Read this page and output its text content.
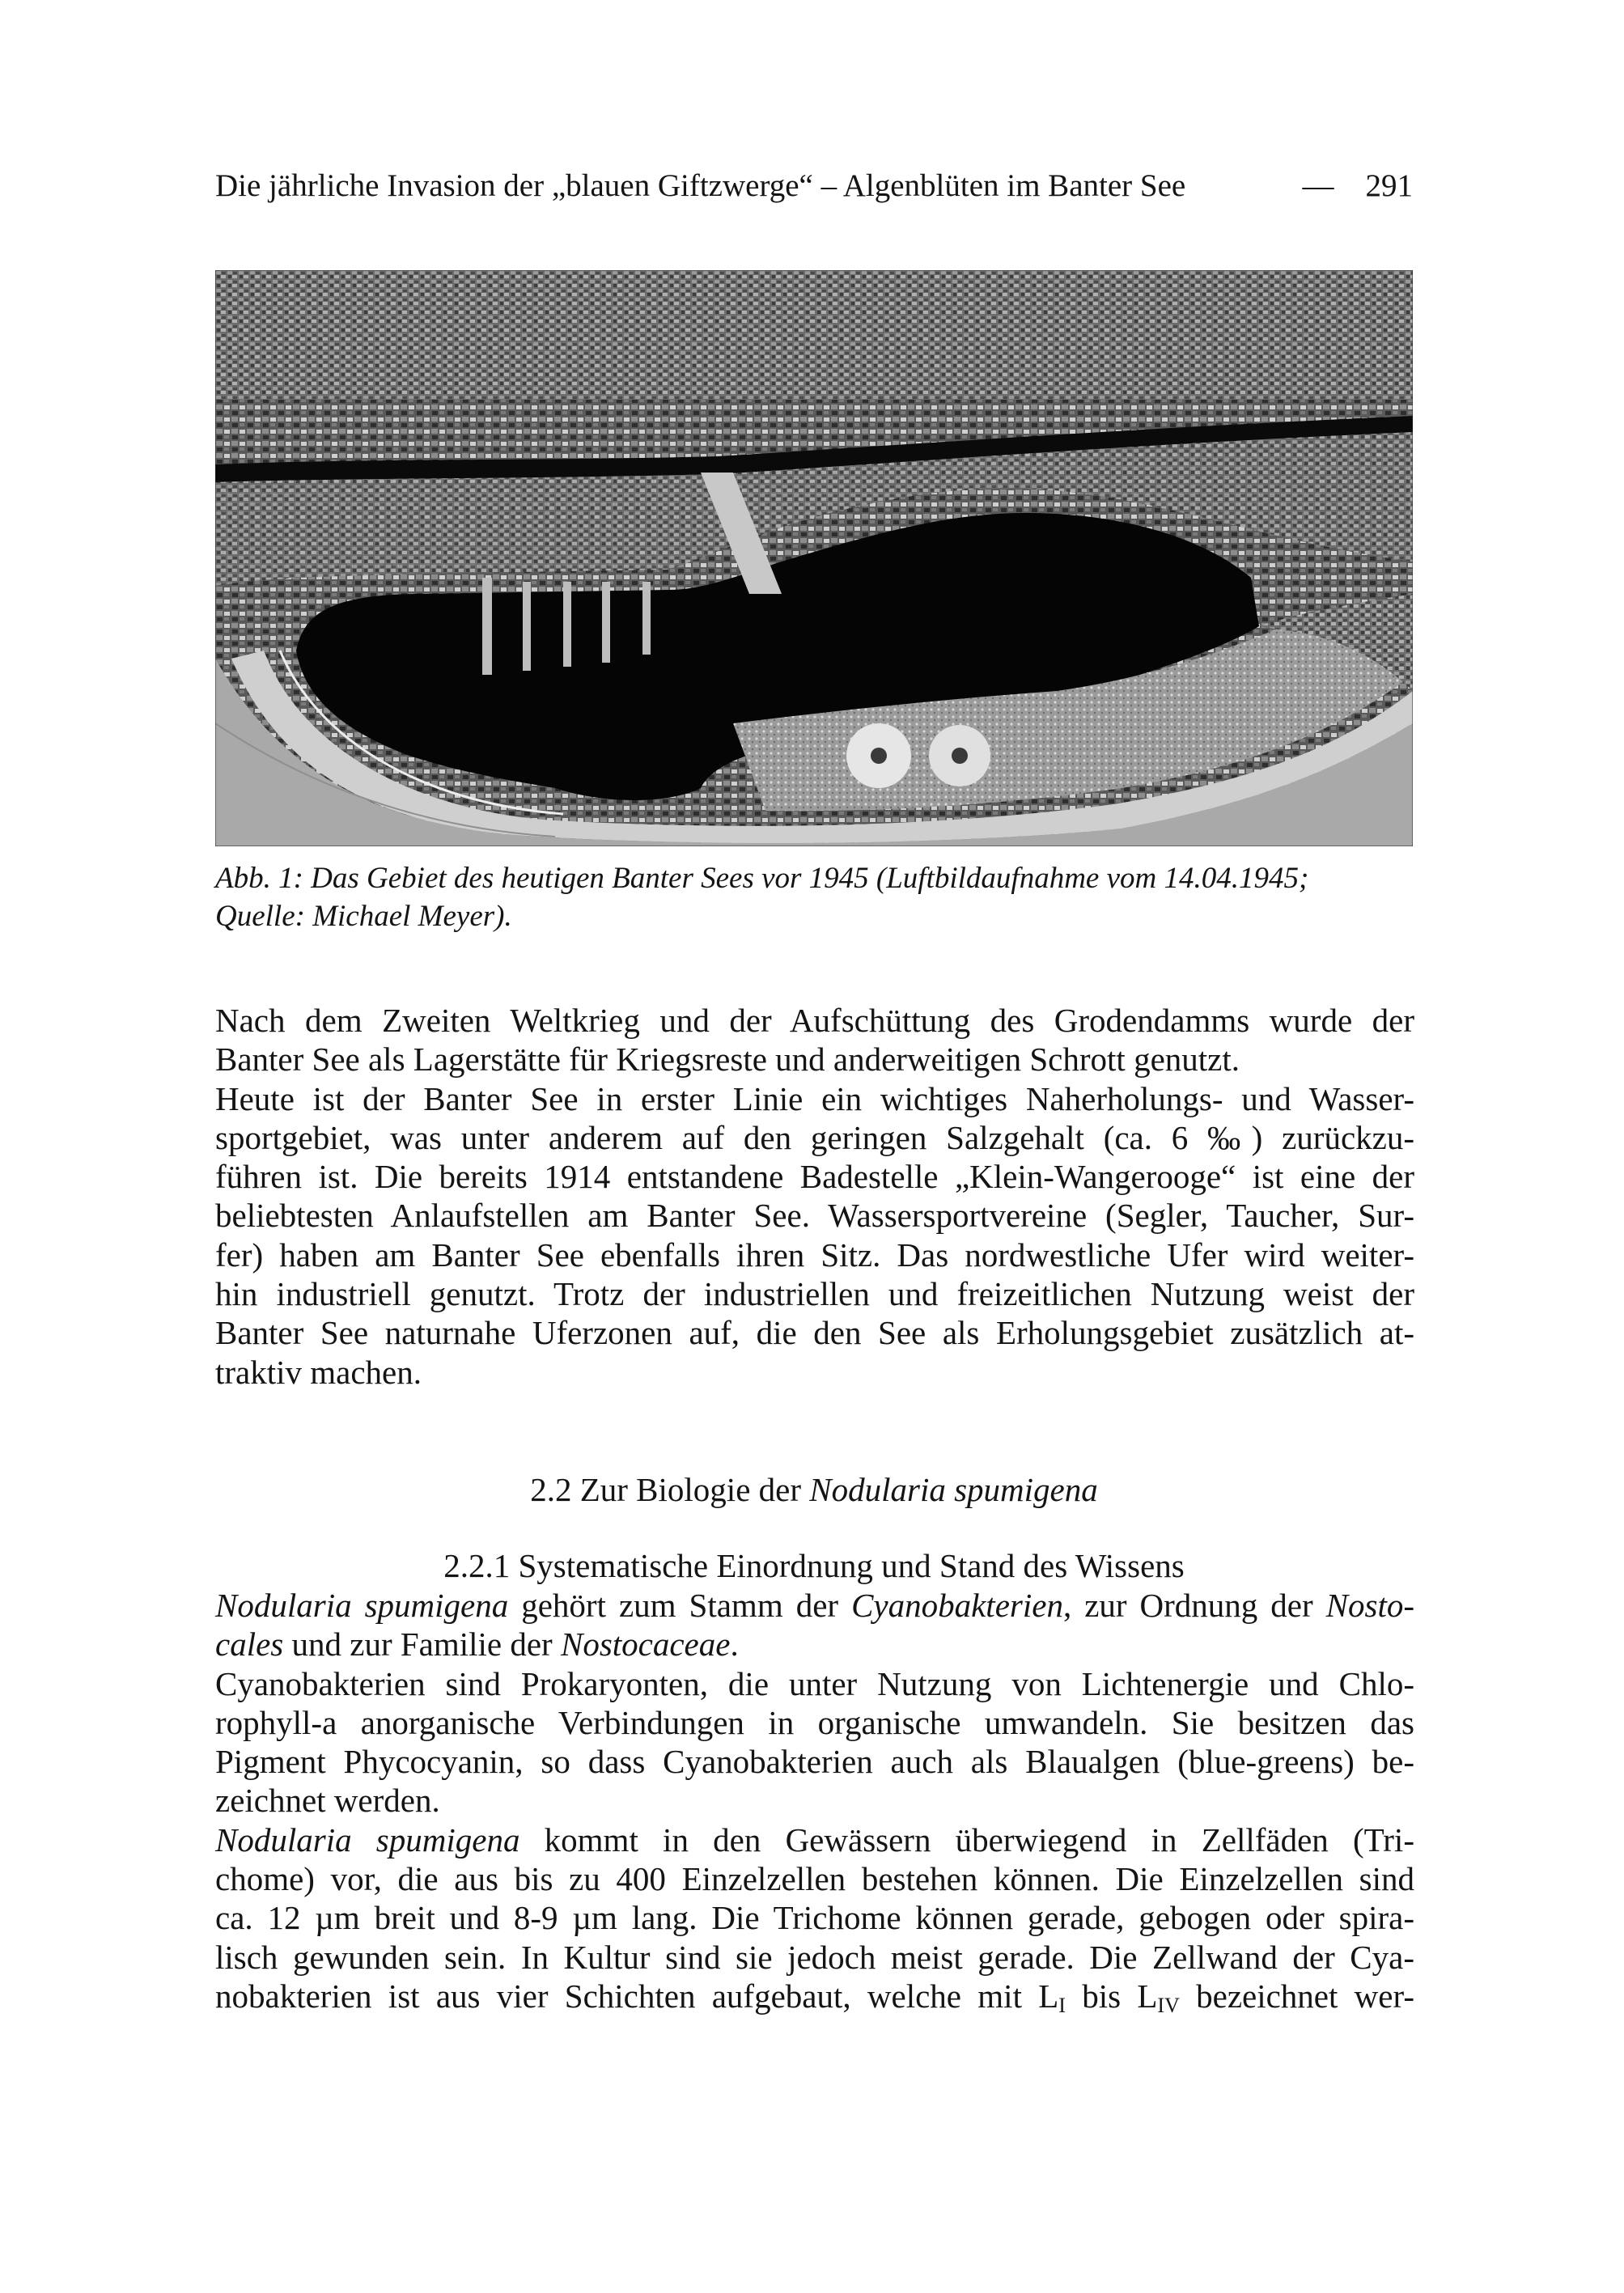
Die jährliche Invasion der „blauen Giftzwerge“ – Algenblüten im Banter See	— 291
Abb. 1: Das Gebiet des heutigen Banter Sees vor 1945 (Luftbildaufnahme vom 14.04.1945;
Quelle: Michael Meyer).
Nach dem Zweiten Weltkrieg und der Aufschüttung des Grodendamms wurde der
Banter See als Lagerstätte für Kriegsreste und anderweitigen Schrott genutzt.
Heute ist der Banter See in erster Linie ein wichtiges Naherholungs- und Wasser-
sportgebiet, was unter anderem auf den geringen Salzgehalt (ca. 6 ‰) zurückzu-
führen ist. Die bereits 1914 entstandene Badestelle „Klein-Wangerooge“ ist eine der
beliebtesten Anlaufstellen am Banter See. Wassersportvereine (Segler, Taucher, Sur-
fer) haben am Banter See ebenfalls ihren Sitz. Das nordwestliche Ufer wird weiter-
hin industriell genutzt. Trotz der industriellen und freizeitlichen Nutzung weist der
Banter See naturnahe Uferzonen auf, die den See als Erholungsgebiet zusätzlich at-
traktiv machen.
2.2 Zur Biologie der Nodularia spumigena
2.2.1 Systematische Einordnung und Stand des Wissens
Nodularia spumigena gehört zum Stamm der Cyanobakterien, zur Ordnung der Nosto-
cales und zur Familie der Nostocaceae.
Cyanobakterien sind Prokaryonten, die unter Nutzung von Lichtenergie und Chlo-
rophyll-a anorganische Verbindungen in organische umwandeln. Sie besitzen das
Pigment Phycocyanin, so dass Cyanobakterien auch als Blaualgen (blue-greens) be-
zeichnet werden.
Nodularia spumigena kommt in den Gewässern überwiegend in Zellfäden (Tri-
chome) vor, die aus bis zu 400 Einzelzellen bestehen können. Die Einzelzellen sind
ca. 12 µm breit und 8-9 µm lang. Die Trichome können gerade, gebogen oder spira-
lisch gewunden sein. In Kultur sind sie jedoch meist gerade. Die Zellwand der Cya-
nobakterien ist aus vier Schichten aufgebaut, welche mit $L_I$ bis $L_{IV}$ bezeichnet wer-
